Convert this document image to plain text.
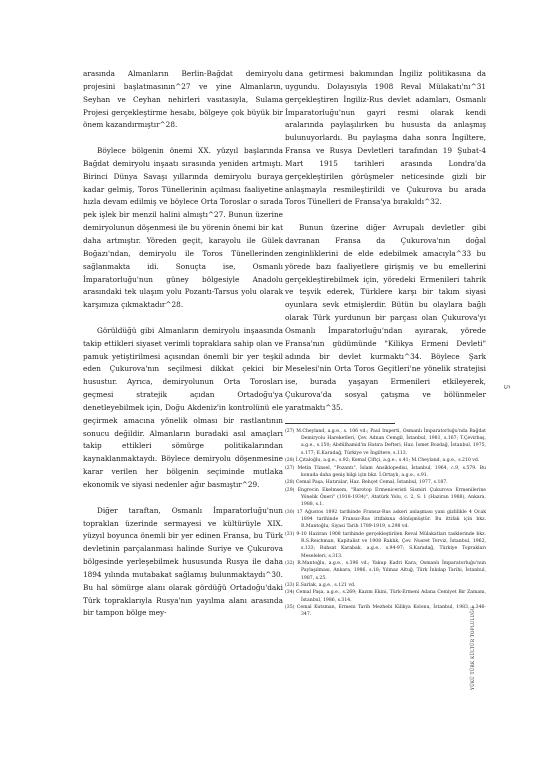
arasında Almanların Berlin-Bağdat demiryolu projesini başlatmasının^27 ve yine Almanların, Seyhan ve Ceyhan nehirleri vasıtasıyla, Sulama Projesi gerçekleştirme hesabı, bölgeye çok büyük bir önem kazandırmıştır^28.

Böylece bölgenin önemi XX. yüzyıl başlarında Bağdat demiryolu inşaatı sırasında yeniden artmıştı. Birinci Dünya Savaşı yıllarında demiryolu buraya kadar gelmiş, Toros Tünellerinin açılması faaliyetine hızla devam edilmiş ve böylece Orta Toroslar o sırada pek işlek bir menzil halini almıştı^27. Bunun üzerine demiryolunun döşenmesi ile bu yörenin önemi bir kat daha artmıştır. Yöreden geçit, karayolu ile Gülek Boğazı'ndan, demiryolu ile Toros Tünellerinden sağlanmakta idi. Sonuçta ise, Osmanlı İmparatorluğu'nun güney bölgesiyle Anadolu arasındaki tek ulaşım yolu Pozantı-Tarsus yolu olarak karşımıza çıkmaktadır^28.

Görüldüğü gibi Almanların demiryolu inşaasında takip ettikleri siyaset verimli topraklara sahip olan ve pamuk yetiştirilmesi açısından önemli bir yer teşkil eden Çukurova'nın seçilmesi dikkat çekici bir husustur. Ayrıca, demiryolunun Orta Torosları geçmesi stratejik açıdan Ortadoğu'ya denetleyebilmek için, Doğu Akdeniz'in kontrolünü ele geçirmek amacına yönelik olması bir rastlantının sonucu değildir. Almanların buradaki asıl amaçları takip ettikleri sömürge politikalarından kaynaklanmaktaydı. Böylece demiryolu döşenmesine karar verilen her bölgenin seçiminde mutlaka ekonomik ve siyasi nedenler ağır basmıştır^29.

Diğer taraftan, Osmanlı İmparatorluğu'nun topraklan üzerinde sermayesi ve kültürüyle XIX. yüzyıl boyunca önemli bir yer edinen Fransa, bu Türk devletinin parçalanması halinde Suriye ve Çukurova bölgesinde yerleşebilmek hususunda Rusya ile daha 1894 yılında mutabakat sağlamış bulunmaktaydı^30. Bu hal sömürge alanı olarak gördüğü Ortadoğu'daki Türk topraklarıyla Rusya'nın yayılma alanı arasında bir tampon bölge mey-

dana getirmesi bakımından İngiliz politikasına da uygundu. Dolayısıyla 1908 Reval Mülakatı'nı^31 gerçekleştiren İngiliz-Rus devlet adamları, Osmanlı İmparatorluğu'nun gayri resmi olarak kendi aralarında paylaşılırken bu hususta da anlaşmış bulunuyorlardı. Bu paylaşma daha sonra İngiltere, Fransa ve Rusya Devletleri tarafından 19 Şubat-4 Mart 1915 tarihleri arasında Londra'da gerçekleştirilen görüşmeler neticesinde gizli bir anlaşmayla resmileştirildi ve Çukurova bu arada Toros Tünelleri de Fransa'ya bırakıldı^32.

Bunun üzerine diğer Avrupalı devletler gibi davranan Fransa da Çukurova'nın doğal zenginliklerini de elde edebilmek amacıyla^33 bu yörede bazı faaliyetlere girişmiş ve bu emellerini gerçekleştirebilmek için, yöredeki Ermenileri tahrik ve teşvik ederek, Türklere karşı bir takım siyasi oyunlara sevk etmişlerdir. Bütün bu olaylara bağlı olarak Türk yurdunun bir parçası olan Çukurova'yı Osmanlı İmparatorluğu'ndan ayırarak, yörede Fransa'nın güdümünde "Kilikya Ermeni Devleti" adında bir devlet kurmaktı^34. Böylece Şark Meselesi'nin Orta Toros Geçitleri'ne yönelik stratejisi ise, burada yaşayan Ermenileri etkileyerek, Çukurova'da sosyal çatışma ve bölünmeler yaratmaktı^35.

(27) M.Cheyland, a.g.e., s. 106 vd.; Paul Imperti, Osmanlı İmparatorluğu'nda Bağdat Demiryolu Hareketleri, Çev. Adnan Cemgil, İstanbul, 1981, s.167; T.Çevirbaş, a.g.e., s.150; Abdülhamid'in Hatıra Defteri, Haz. İsmet Bozdağ, İstanbul, 1975, s.177; E.Karadağ, Türkiye ve İngiltere, s.113.

(28) İ.Çıtaloğlu, a.g.e., s.92; Kemal Çiftçi, a.g.e., s.41; M.Cheyland, a.g.e., s.210 vd.

(27) Metin Tünsel, "Pozantı", İslam Ansiklopedisi, İstanbul, 1964, c.9, s.579. Bu konuda daha geniş bilgi için bkz. İ.Ortaylı, a.g.e., s.91.

(28) Cemal Paşa, Hatıralar, Haz. Behçet Cemal, İstanbul, 1977, s.187.

(29) Engrecin Ekelmsem, "Barotop Ermeniceristi Sismiri Çukurova Ermenilerine Yönelik Öneri" (1918-1934)", Atatürk Yolu, c. 2, S. 1 (Haziran 1988), Ankara, 1988, s.1.

(30) 17 Ağustos 1892 tarihinde Fransız-Rus askeri anlaşması yani gizlilikle 4 Ocak 1894 tarihinde Fransız-Rus ittifakına dönüşmüştür. Bu ittifak için bkz. R.Mantoğlu, Siyasi Tarih 1789-1919, s.298 vd.

(31) 9-10 Haziran 1908 tarihinde gerçekleştirilen Reval Mülakatları tasklerinde bkz. R.S.Reichman, Kapitalist ve 1908 Raklık, Çev. Nusret Terviz, İstanbul, 1962, s.133; Ruhsat Karabak, a.g.e., s.94-97; S.Karadağ, Türkiye Toprakları Meseleleri, s.313.

(32) R.Mantoğlu, a.g.e., s.396 vd.; Yakup Kadri Kara, Osmanlı İmparatorluğu'nun Paylaşılması, Ankara, 1986, s.18; Yılmaz Altuğ, Türk İnkılap Tarihi, İstanbul, 1987, s.25.

(33) E.Sarlak, a.g.e., s.121 vd.

(34) Cemal Paşa, a.g.e., s.269; Kazım Ekini, Türk-Ermeni Adana Cemiyet Bir Zamanı, İstanbul, 1986, s.314.

(35) Cemal Kutsman, Ermeni Tarih Mezhebi Kilikya Kolonu, İstanbul, 1983, s.346-347.

5
YÜKÜ TÜRK KÜLTÜR TOPLULUĞU
